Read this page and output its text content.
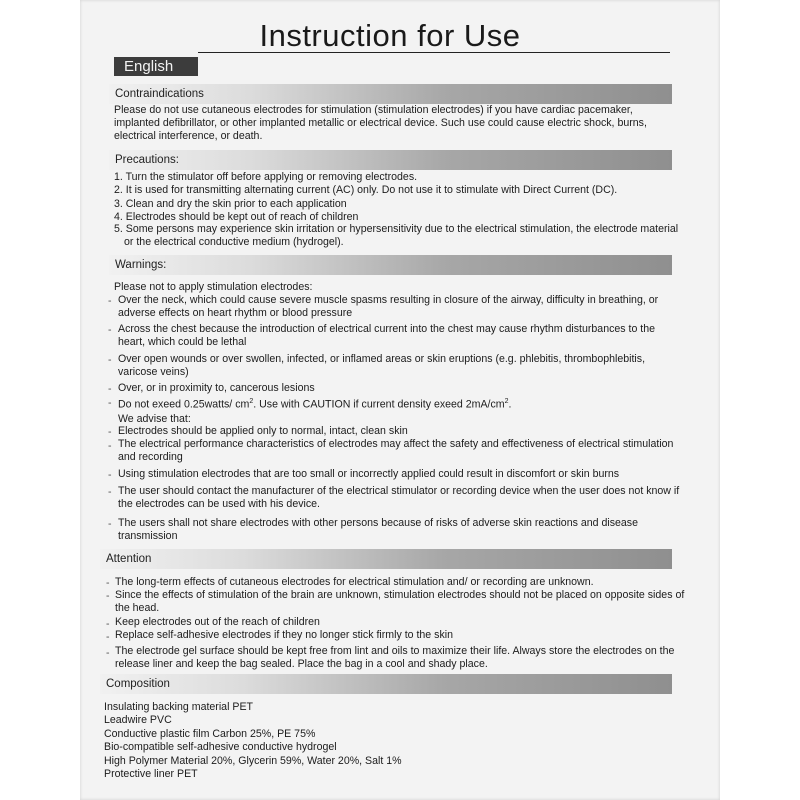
Instruction for Use
English
Contraindications
Please do not use cutaneous electrodes for stimulation (stimulation electrodes) if you have cardiac pacemaker, implanted defibrillator, or other implanted metallic or electrical device. Such use could cause electric shock, burns, electrical interference, or death.
Precautions:
1. Turn the stimulator off before applying or removing electrodes.
2. It is used for transmitting alternating current (AC) only. Do not use it to stimulate with Direct Current (DC).
3. Clean and dry the skin prior to each application
4. Electrodes should be kept out of reach of children
5. Some persons may experience skin irritation or hypersensitivity due to the electrical stimulation, the electrode material or the electrical conductive medium (hydrogel).
Warnings:
Please not to apply stimulation electrodes:
- Over the neck, which could cause severe muscle spasms resulting in closure of the airway, difficulty in breathing, or adverse effects on heart rhythm or blood pressure
- Across the chest because the introduction of electrical current into the chest may cause rhythm disturbances to the heart, which could be lethal
- Over open wounds or over swollen, infected, or inflamed areas or skin eruptions (e.g. phlebitis, thrombophlebitis, varicose veins)
- Over, or in proximity to, cancerous lesions
- Do not exeed 0.25watts/ $cm^2$. Use with CAUTION if current density exeed $2mA/cm^2$.
We advise that:
- Electrodes should be applied only to normal, intact, clean skin
- The electrical performance characteristics of electrodes may affect the safety and effectiveness of electrical stimulation and recording
- Using stimulation electrodes that are too small or incorrectly applied could result in discomfort or skin burns
- The user should contact the manufacturer of the electrical stimulator or recording device when the user does not know if the electrodes can be used with his device.
- The users shall not share electrodes with other persons because of risks of adverse skin reactions and disease transmission
Attention
- The long-term effects of cutaneous electrodes for electrical stimulation and/ or recording are unknown.
- Since the effects of stimulation of the brain are unknown, stimulation electrodes should not be placed on opposite sides of the head.
- Keep electrodes out of the reach of children
- Replace self-adhesive electrodes if they no longer stick firmly to the skin
- The electrode gel surface should be kept free from lint and oils to maximize their life. Always store the electrodes on the release liner and keep the bag sealed. Place the bag in a cool and shady place.
Composition
Insulating backing material PET
Leadwire PVC
Conductive plastic film Carbon 25%, PE 75%
Bio-compatible self-adhesive conductive hydrogel
High Polymer Material 20%, Glycerin 59%, Water 20%, Salt 1%
Protective liner PET
